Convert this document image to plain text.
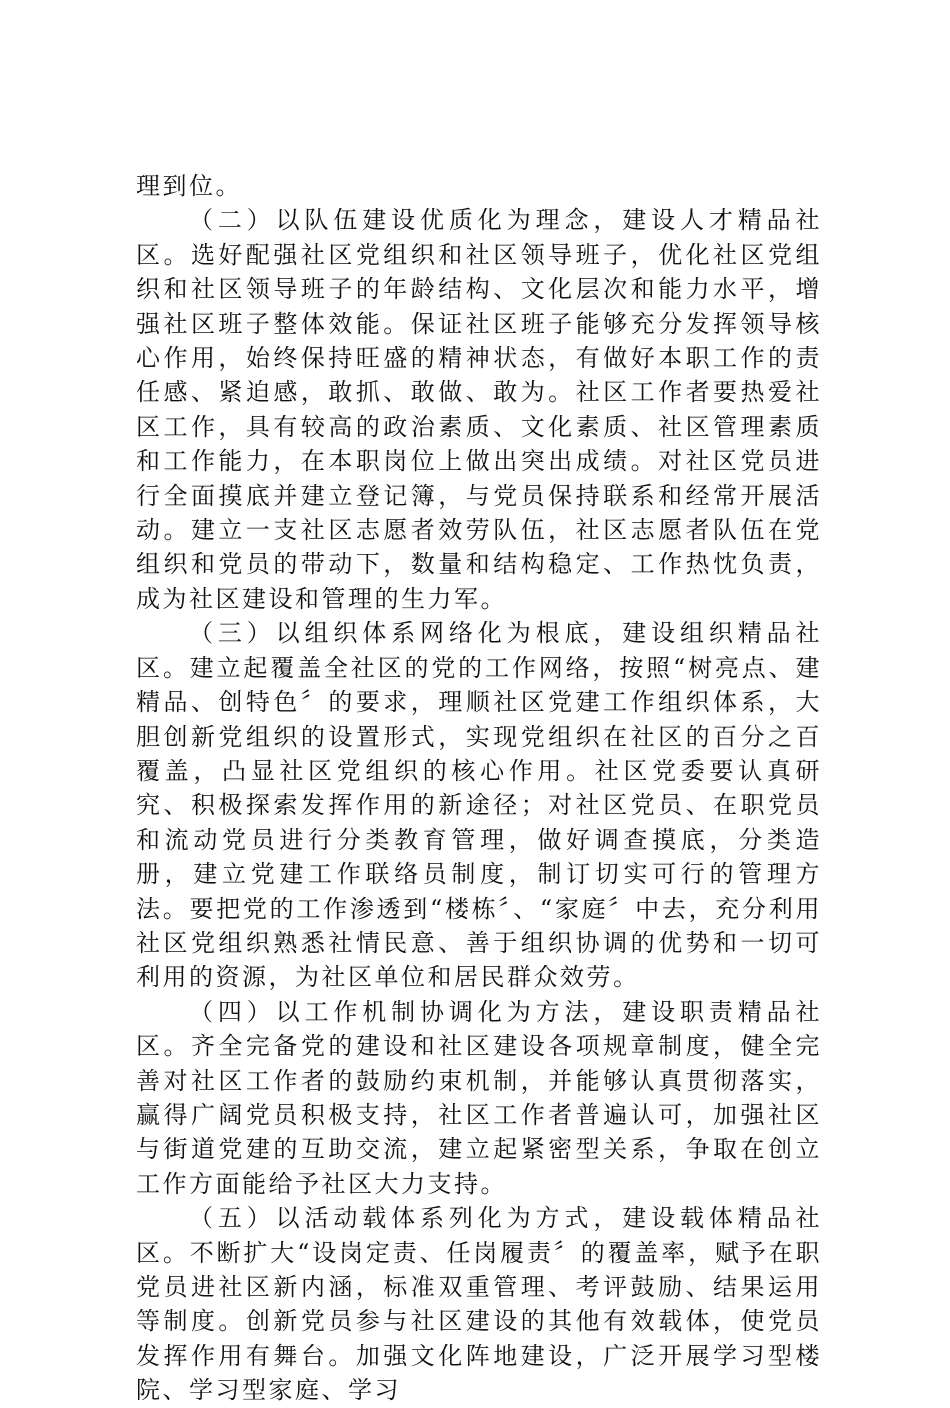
理到位。

（二）以队伍建设优质化为理念，建设人才精品社区。选好配强社区党组织和社区领导班子，优化社区党组织和社区领导班子的年龄结构、文化层次和能力水平，增强社区班子整体效能。保证社区班子能够充分发挥领导核心作用，始终保持旺盛的精神状态，有做好本职工作的责任感、紧迫感，敢抓、敢做、敢为。社区工作者要热爱社区工作，具有较高的政治素质、文化素质、社区管理素质和工作能力，在本职岗位上做出突出成绩。对社区党员进行全面摸底并建立登记簿，与党员保持联系和经常开展活动。建立一支社区志愿者效劳队伍，社区志愿者队伍在党组织和党员的带动下，数量和结构稳定、工作热忱负责，成为社区建设和管理的生力军。

（三）以组织体系网络化为根底，建设组织精品社区。建立起覆盖全社区的党的工作网络，按照“树亮点、建精品、创特色〞的要求，理顺社区党建工作组织体系，大胆创新党组织的设置形式，实现党组织在社区的百分之百覆盖，凸显社区党组织的核心作用。社区党委要认真研究、积极探索发挥作用的新途径；对社区党员、在职党员和流动党员进行分类教育管理，做好调查摸底，分类造册，建立党建工作联络员制度，制订切实可行的管理方法。要把党的工作渗透到“楼栋〞、“家庭〞中去，充分利用社区党组织熟悉社情民意、善于组织协调的优势和一切可利用的资源，为社区单位和居民群众效劳。

（四）以工作机制协调化为方法，建设职责精品社区。齐全完备党的建设和社区建设各项规章制度，健全完善对社区工作者的鼓励约束机制，并能够认真贯彻落实，赢得广阔党员积极支持，社区工作者普遍认可，加强社区与街道党建的互助交流，建立起紧密型关系，争取在创立工作方面能给予社区大力支持。

（五）以活动载体系列化为方式，建设载体精品社区。不断扩大“设岗定责、任岗履责〞的覆盖率，赋予在职党员进社区新内涵，标准双重管理、考评鼓励、结果运用等制度。创新党员参与社区建设的其他有效载体，使党员发挥作用有舞台。加强文化阵地建设，广泛开展学习型楼院、学习型家庭、学习
